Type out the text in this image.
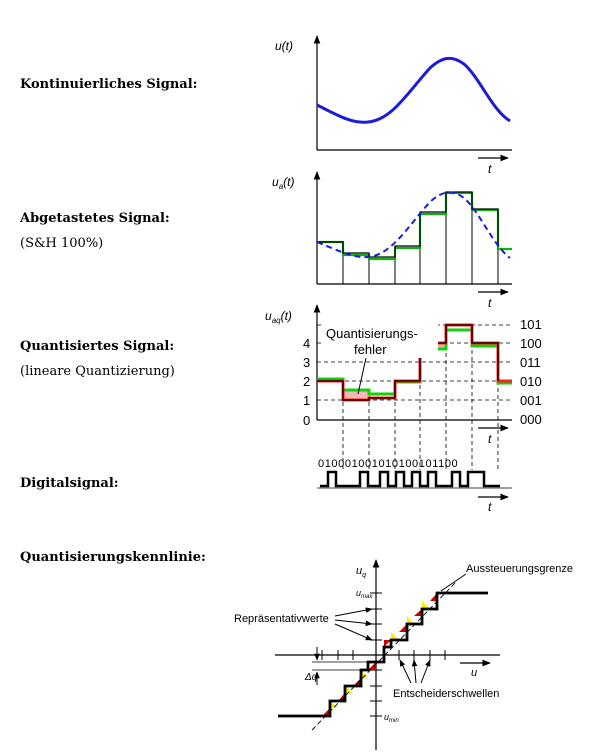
Kontinuierliches Signal:
Abgetastetes Signal:
(S&H 100%)
Quantisiertes Signal:
(lineare Quantizierung)
Digitalsignal:
Quantisierungskennlinie:
t
u(t)
t
$u_a(t)$
t
$u_{aq}(t)$
0
1
2
3
4
000
001
010
011
100
101
Quantisierungs-
fehler
010001001010100101100
t
u
$u_q$
$u_{max}$
$u_{min}$
Δq
Repräsentativwerte
Aussteuerungsgrenze
Entscheiderschwellen
